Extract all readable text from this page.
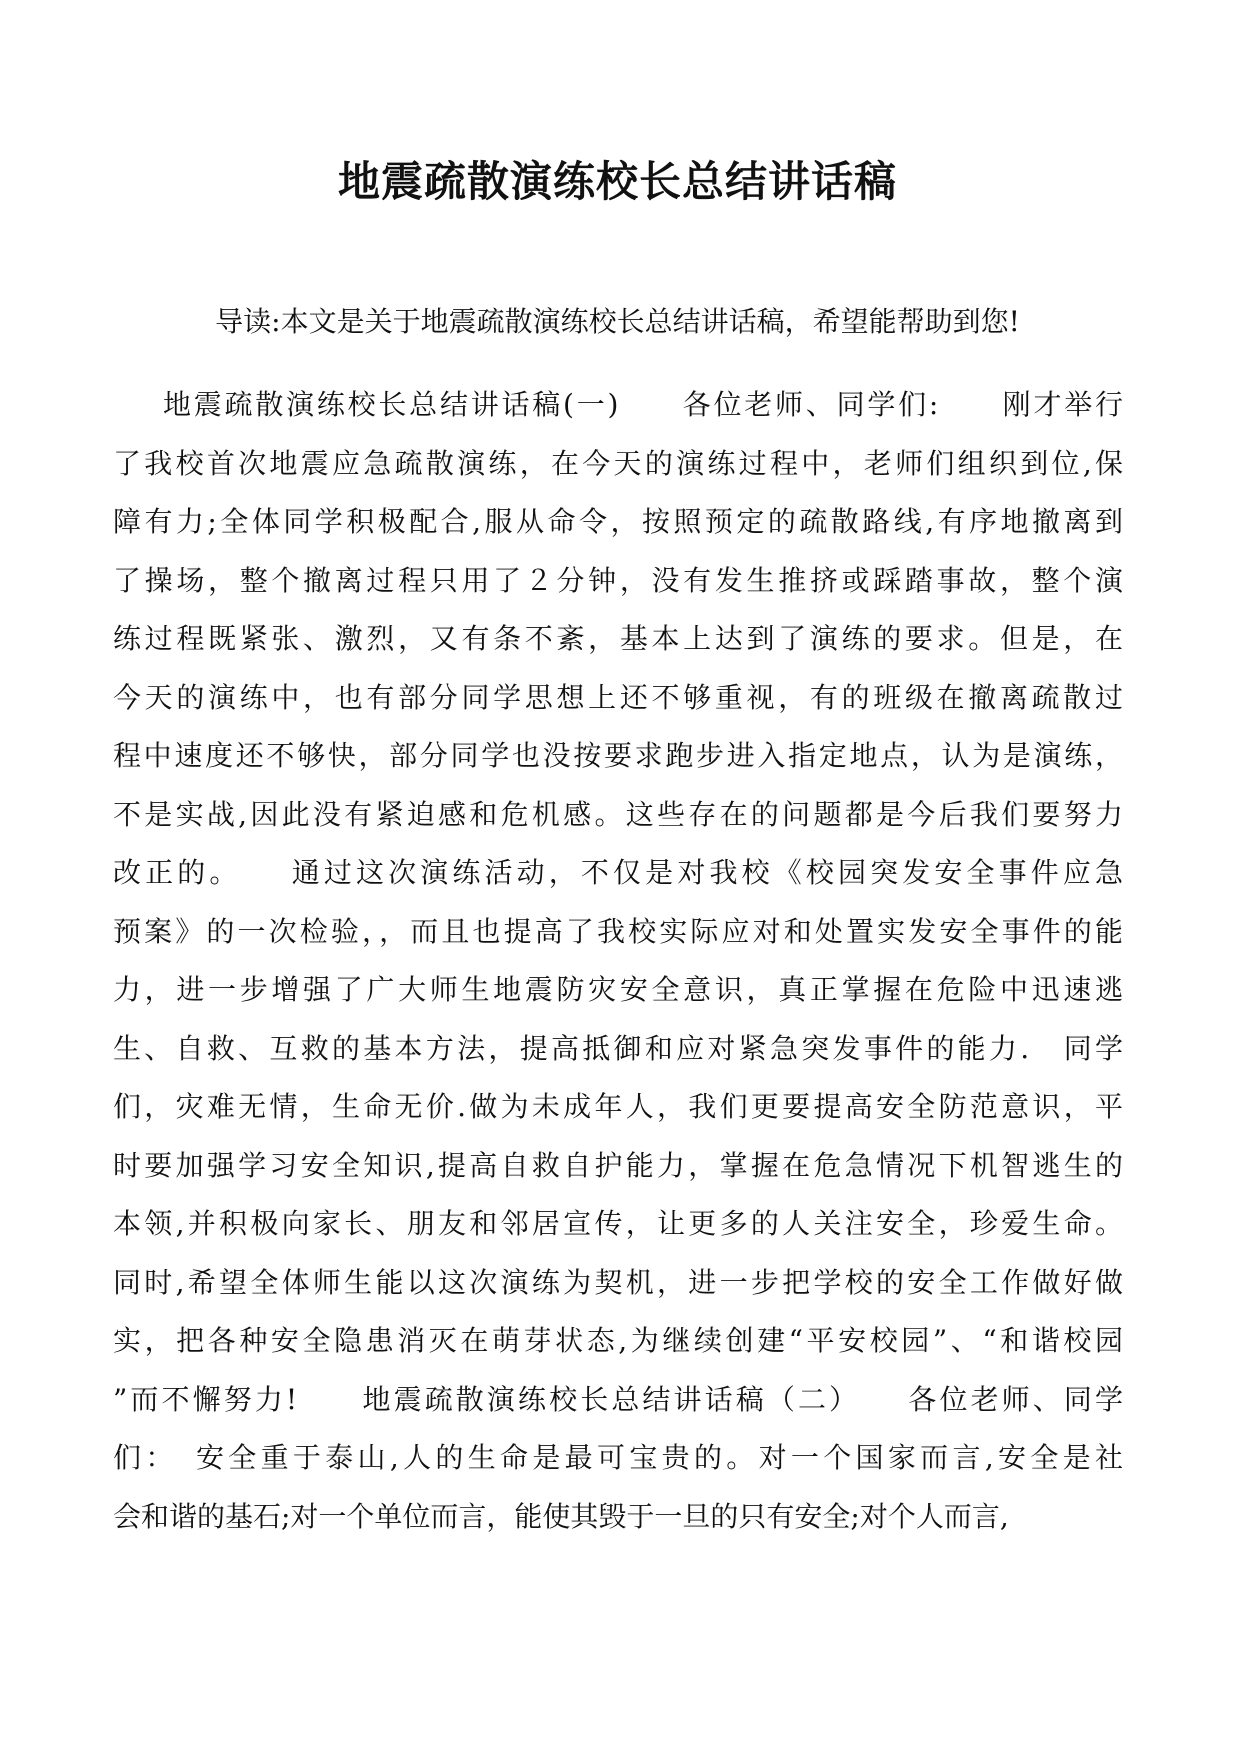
地震疏散演练校长总结讲话稿

导读:本文是关于地震疏散演练校长总结讲话稿，希望能帮助到您!

地震疏散演练校长总结讲话稿(一)　　各位老师、同学们:　　刚才举行
了我校首次地震应急疏散演练，在今天的演练过程中，老师们组织到位,保
障有力;全体同学积极配合,服从命令，按照预定的疏散路线,有序地撤离到
了操场，整个撤离过程只用了２分钟，没有发生推挤或踩踏事故，整个演
练过程既紧张、激烈，又有条不紊，基本上达到了演练的要求。但是，在
今天的演练中，也有部分同学思想上还不够重视，有的班级在撤离疏散过
程中速度还不够快，部分同学也没按要求跑步进入指定地点，认为是演练，
不是实战,因此没有紧迫感和危机感。这些存在的问题都是今后我们要努力
改正的。　　通过这次演练活动，不仅是对我校《校园突发安全事件应急
预案》的一次检验，，而且也提高了我校实际应对和处置实发安全事件的能
力，进一步增强了广大师生地震防灾安全意识，真正掌握在危险中迅速逃
生、自救、互救的基本方法，提高抵御和应对紧急突发事件的能力.　同学
们，灾难无情，生命无价.做为未成年人，我们更要提高安全防范意识，平
时要加强学习安全知识,提高自救自护能力，掌握在危急情况下机智逃生的
本领,并积极向家长、朋友和邻居宣传，让更多的人关注安全，珍爱生命。
同时,希望全体师生能以这次演练为契机，进一步把学校的安全工作做好做
实，把各种安全隐患消灭在萌芽状态,为继续创建“平安校园”、“和谐校园
”而不懈努力!　　地震疏散演练校长总结讲话稿（二）　　各位老师、同学
们：　安全重于泰山,人的生命是最可宝贵的。对一个国家而言,安全是社
会和谐的基石;对一个单位而言，能使其毁于一旦的只有安全;对个人而言,
